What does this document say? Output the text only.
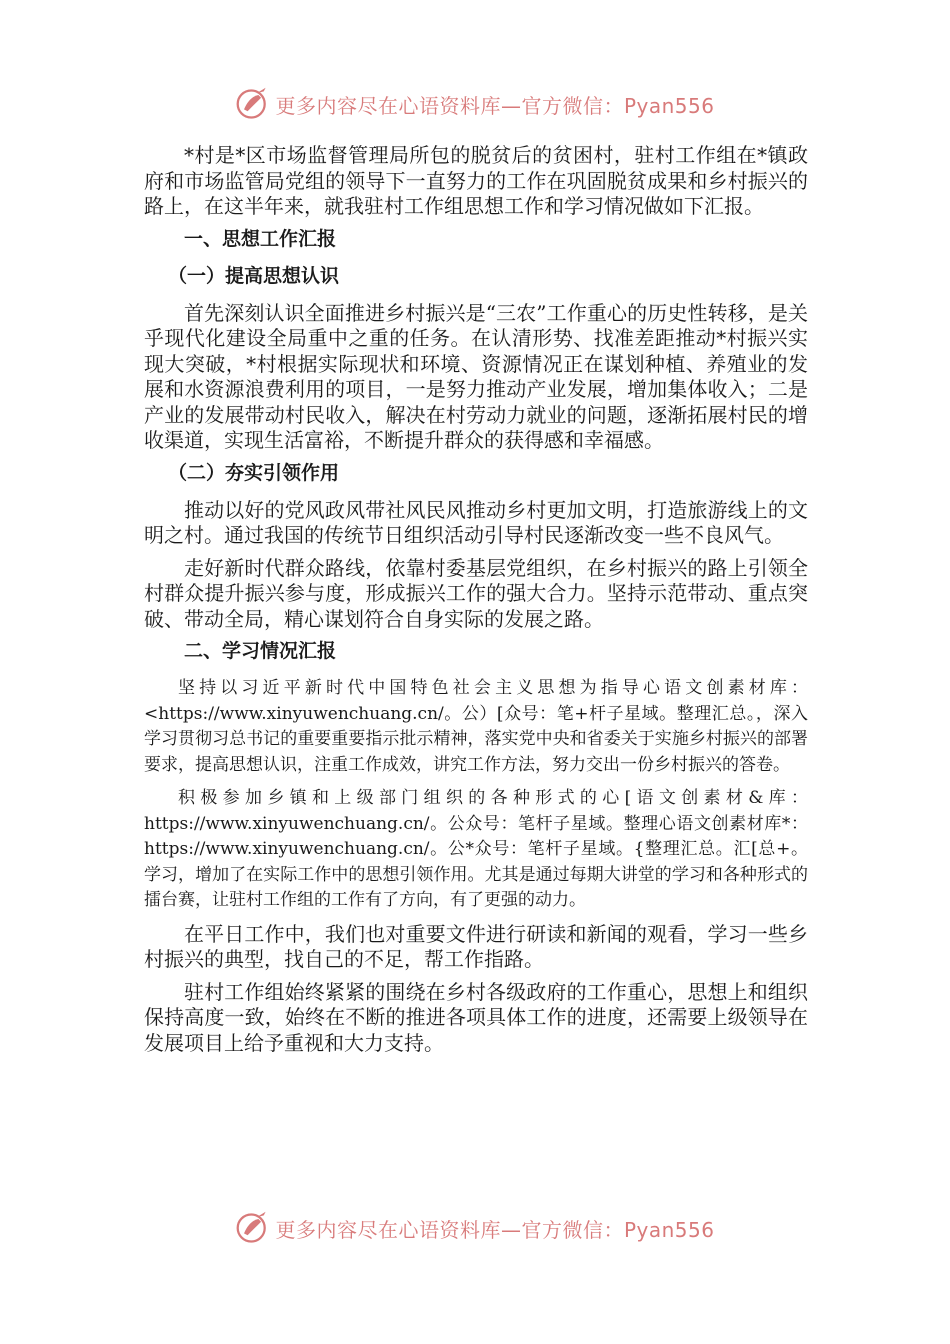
更多内容尽在心语资料库—官方微信：Pyan556

*村是*区市场监督管理局所包的脱贫后的贫困村，驻村工作组在*镇政府和市场监管局党组的领导下一直努力的工作在巩固脱贫成果和乡村振兴的路上，在这半年来，就我驻村工作组思想工作和学习情况做如下汇报。

一、思想工作汇报
（一）提高思想认识

首先深刻认识全面推进乡村振兴是“三农”工作重心的历史性转移，是关乎现代化建设全局重中之重的任务。在认清形势、找准差距推动*村振兴实现大突破，*村根据实际现状和环境、资源情况正在谋划种植、养殖业的发展和水资源浪费利用的项目，一是努力推动产业发展，增加集体收入；二是产业的发展带动村民收入，解决在村劳动力就业的问题，逐渐拓展村民的增收渠道，实现生活富裕，不断提升群众的获得感和幸福感。

（二）夯实引领作用

推动以好的党风政风带社风民风推动乡村更加文明，打造旅游线上的文明之村。通过我国的传统节日组织活动引导村民逐渐改变一些不良风气。

走好新时代群众路线，依靠村委基层党组织，在乡村振兴的路上引领全村群众提升振兴参与度，形成振兴工作的强大合力。坚持示范带动、重点突破、带动全局，精心谋划符合自身实际的发展之路。

二、学习情况汇报

坚持以习近平新时代中国特色社会主义思想为指导心语文创素材库：<https://www.xinyuwenchuang.cn/。公）[众号：笔+杆子星域。整理汇总。，深入学习贯彻习总书记的重要重要指示批示精神，落实党中央和省委关于实施乡村振兴的部署要求，提高思想认识，注重工作成效，讲究工作方法，努力交出一份乡村振兴的答卷。

积极参加乡镇和上级部门组织的各种形式的心[语文创素材&库：https://www.xinyuwenchuang.cn/。公众号：笔杆子星域。整理心语文创素材库*：https://www.xinyuwenchuang.cn/。公*众号：笔杆子星域。{整理汇总。汇[总+。学习，增加了在实际工作中的思想引领作用。尤其是通过每期大讲堂的学习和各种形式的擂台赛，让驻村工作组的工作有了方向，有了更强的动力。

在平日工作中，我们也对重要文件进行研读和新闻的观看，学习一些乡村振兴的典型，找自己的不足，帮工作指路。

驻村工作组始终紧紧的围绕在乡村各级政府的工作重心，思想上和组织保持高度一致，始终在不断的推进各项具体工作的进度，还需要上级领导在发展项目上给予重视和大力支持。

更多内容尽在心语资料库—官方微信：Pyan556
